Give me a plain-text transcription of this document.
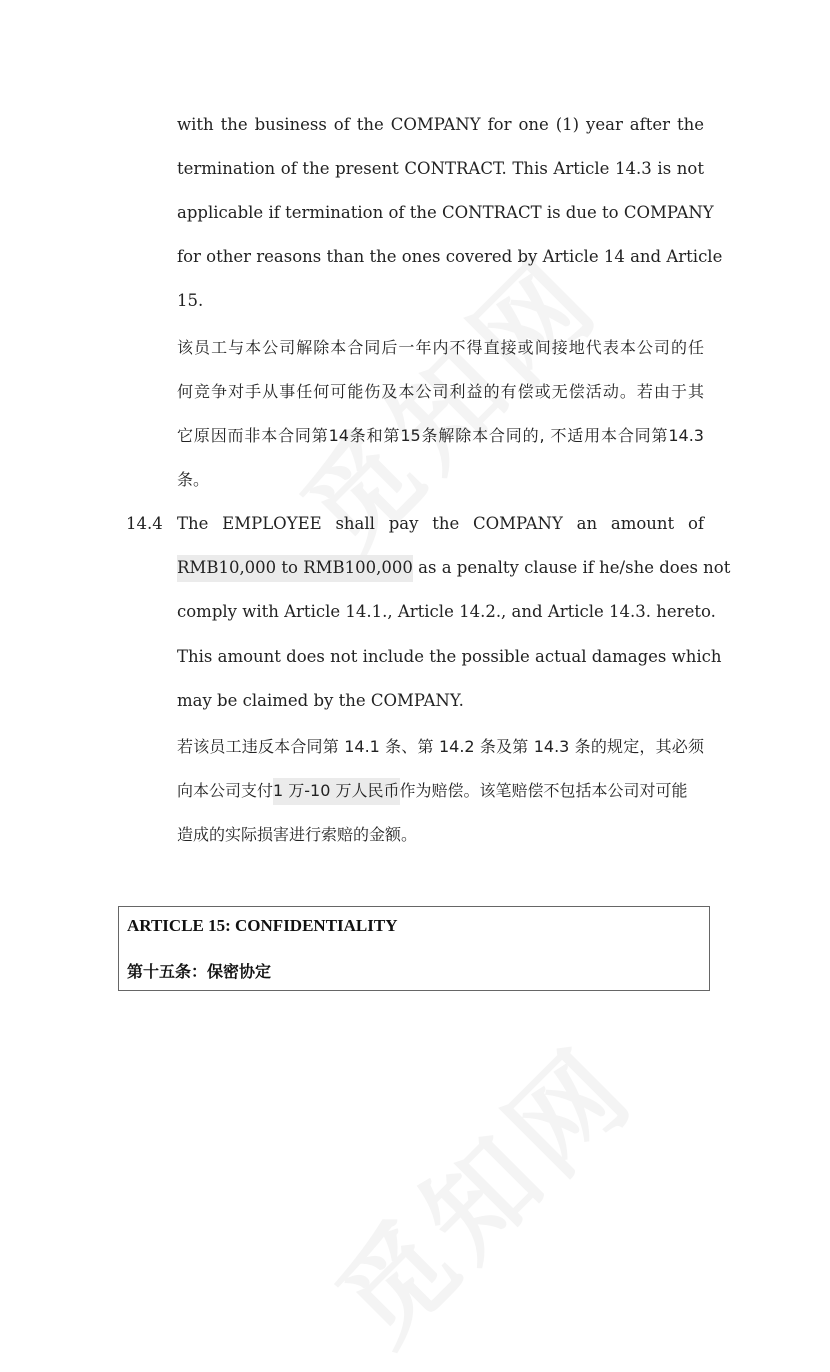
with the business of the COMPANY for one (1) year after the
termination of the present CONTRACT. This Article 14.3 is not
applicable if termination of the CONTRACT is due to COMPANY
for other reasons than the ones covered by Article 14 and Article
15.
该员工与本公司解除本合同后一年内不得直接或间接地代表本公司的任
何竞争对手从事任何可能伤及本公司利益的有偿或无偿活动。若由于其
它原因而非本合同第14条和第15条解除本合同的, 不适用本合同第14.3
条。
14.4 The EMPLOYEE shall pay the COMPANY an amount of
RMB10,000 to RMB100,000 as a penalty clause if he/she does not
comply with Article 14.1., Article 14.2., and Article 14.3. hereto.
This amount does not include the possible actual damages which
may be claimed by the COMPANY.
若该员工违反本合同第 14.1 条、第 14.2 条及第 14.3 条的规定，其必须
向本公司支付1 万-10 万人民币作为赔偿。该笔赔偿不包括本公司对可能
造成的实际损害进行索赔的金额。
ARTICLE 15: CONFIDENTIALITY
第十五条：保密协定
